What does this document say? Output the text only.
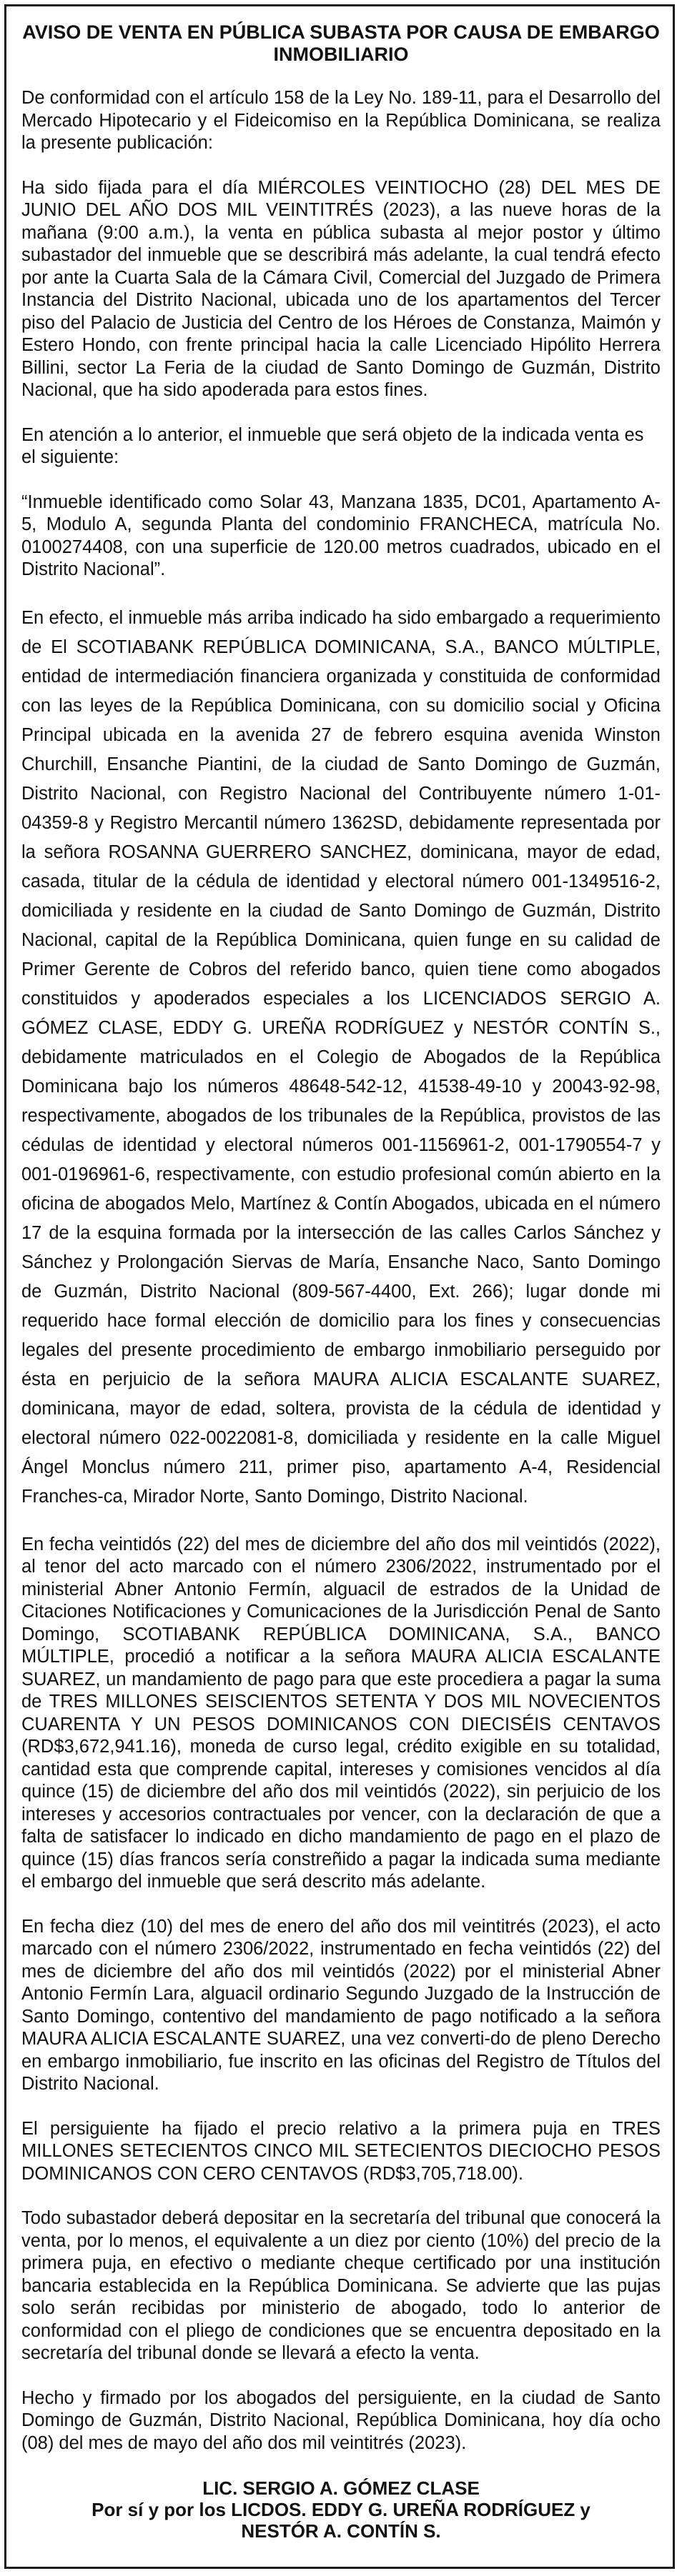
AVISO DE VENTA EN PÚBLICA SUBASTA POR CAUSA DE EMBARGO INMOBILIARIO

De conformidad con el artículo 158 de la Ley No. 189-11, para el Desarrollo del Mercado Hipotecario y el Fideicomiso en la República Dominicana, se realiza la presente publicación:

Ha sido fijada para el día MIÉRCOLES VEINTIOCHO (28) DEL MES DE JUNIO DEL AÑO DOS MIL VEINTITRÉS (2023), a las nueve horas de la mañana (9:00 a.m.), la venta en pública subasta al mejor postor y último subastador del inmueble que se describirá más adelante, la cual tendrá efecto por ante la Cuarta Sala de la Cámara Civil, Comercial del Juzgado de Primera Instancia del Distrito Nacional, ubicada uno de los apartamentos del Tercer piso del Palacio de Justicia del Centro de los Héroes de Constanza, Maimón y Estero Hondo, con frente principal hacia la calle Licenciado Hipólito Herrera Billini, sector La Feria de la ciudad de Santo Domingo de Guzmán, Distrito Nacional, que ha sido apoderada para estos fines.

En atención a lo anterior, el inmueble que será objeto de la indicada venta es el siguiente:

“Inmueble identificado como Solar 43, Manzana 1835, DC01, Apartamento A-5, Modulo A, segunda Planta del condominio FRANCHECA, matrícula No. 0100274408, con una superficie de 120.00 metros cuadrados, ubicado en el Distrito Nacional”.

En efecto, el inmueble más arriba indicado ha sido embargado a requerimiento de El SCOTIABANK REPÚBLICA DOMINICANA, S.A., BANCO MÚLTIPLE, entidad de intermediación financiera organizada y constituida de conformidad con las leyes de la República Dominicana, con su domicilio social y Oficina Principal ubicada en la avenida 27 de febrero esquina avenida Winston Churchill, Ensanche Piantini, de la ciudad de Santo Domingo de Guzmán, Distrito Nacional, con Registro Nacional del Contribuyente número 1-01-04359-8 y Registro Mercantil número 1362SD, debidamente representada por la señora ROSANNA GUERRERO SANCHEZ, dominicana, mayor de edad, casada, titular de la cédula de identidad y electoral número 001-1349516-2, domiciliada y residente en la ciudad de Santo Domingo de Guzmán, Distrito Nacional, capital de la República Dominicana, quien funge en su calidad de Primer Gerente de Cobros del referido banco, quien tiene como abogados constituidos y apoderados especiales a los LICENCIADOS SERGIO A. GÓMEZ CLASE, EDDY G. UREÑA RODRÍGUEZ y NESTÓR CONTÍN S., debidamente matriculados en el Colegio de Abogados de la República Dominicana bajo los números 48648-542-12, 41538-49-10 y 20043-92-98, respectivamente, abogados de los tribunales de la República, provistos de las cédulas de identidad y electoral números 001-1156961-2, 001-1790554-7 y 001-0196961-6, respectivamente, con estudio profesional común abierto en la oficina de abogados Melo, Martínez & Contín Abogados, ubicada en el número 17 de la esquina formada por la intersección de las calles Carlos Sánchez y Sánchez y Prolongación Siervas de María, Ensanche Naco, Santo Domingo de Guzmán, Distrito Nacional (809-567-4400, Ext. 266); lugar donde mi requerido hace formal elección de domicilio para los fines y consecuencias legales del presente procedimiento de embargo inmobiliario perseguido por ésta en perjuicio de la señora MAURA ALICIA ESCALANTE SUAREZ, dominicana, mayor de edad, soltera, provista de la cédula de identidad y electoral número 022-0022081-8, domiciliada y residente en la calle Miguel Ángel Monclus número 211, primer piso, apartamento A-4, Residencial Franches-ca, Mirador Norte, Santo Domingo, Distrito Nacional.

En fecha veintidós (22) del mes de diciembre del año dos mil veintidós (2022), al tenor del acto marcado con el número 2306/2022, instrumentado por el ministerial Abner Antonio Fermín, alguacil de estrados de la Unidad de Citaciones Notificaciones y Comunicaciones de la Jurisdicción Penal de Santo Domingo, SCOTIABANK REPÚBLICA DOMINICANA, S.A., BANCO MÚLTIPLE, procedió a notificar a la señora MAURA ALICIA ESCALANTE SUAREZ, un mandamiento de pago para que este procediera a pagar la suma de TRES MILLONES SEISCIENTOS SETENTA Y DOS MIL NOVECIENTOS CUARENTA Y UN PESOS DOMINICANOS CON DIECISÉIS CENTAVOS (RD$3,672,941.16), moneda de curso legal, crédito exigible en su totalidad, cantidad esta que comprende capital, intereses y comisiones vencidos al día quince (15) de diciembre del año dos mil veintidós (2022), sin perjuicio de los intereses y accesorios contractuales por vencer, con la declaración de que a falta de satisfacer lo indicado en dicho mandamiento de pago en el plazo de quince (15) días francos sería constreñido a pagar la indicada suma mediante el embargo del inmueble que será descrito más adelante.

En fecha diez (10) del mes de enero del año dos mil veintitrés (2023), el acto marcado con el número 2306/2022, instrumentado en fecha veintidós (22) del mes de diciembre del año dos mil veintidós (2022) por el ministerial Abner Antonio Fermín Lara, alguacil ordinario Segundo Juzgado de la Instrucción de Santo Domingo, contentivo del mandamiento de pago notificado a la señora MAURA ALICIA ESCALANTE SUAREZ, una vez converti-do de pleno Derecho en embargo inmobiliario, fue inscrito en las oficinas del Registro de Títulos del Distrito Nacional.

El persiguiente ha fijado el precio relativo a la primera puja en TRES MILLONES SETECIENTOS CINCO MIL SETECIENTOS DIECIOCHO PESOS DOMINICANOS CON CERO CENTAVOS (RD$3,705,718.00).

Todo subastador deberá depositar en la secretaría del tribunal que conocerá la venta, por lo menos, el equivalente a un diez por ciento (10%) del precio de la primera puja, en efectivo o mediante cheque certificado por una institución bancaria establecida en la República Dominicana. Se advierte que las pujas solo serán recibidas por ministerio de abogado, todo lo anterior de conformidad con el pliego de condiciones que se encuentra depositado en la secretaría del tribunal donde se llevará a efecto la venta.

Hecho y firmado por los abogados del persiguiente, en la ciudad de Santo Domingo de Guzmán, Distrito Nacional, República Dominicana, hoy día ocho (08) del mes de mayo del año dos mil veintitrés (2023).

LIC. SERGIO A. GÓMEZ CLASE
Por sí y por los LICDOS. EDDY G. UREÑA RODRÍGUEZ y
NESTÓR A. CONTÍN S.
